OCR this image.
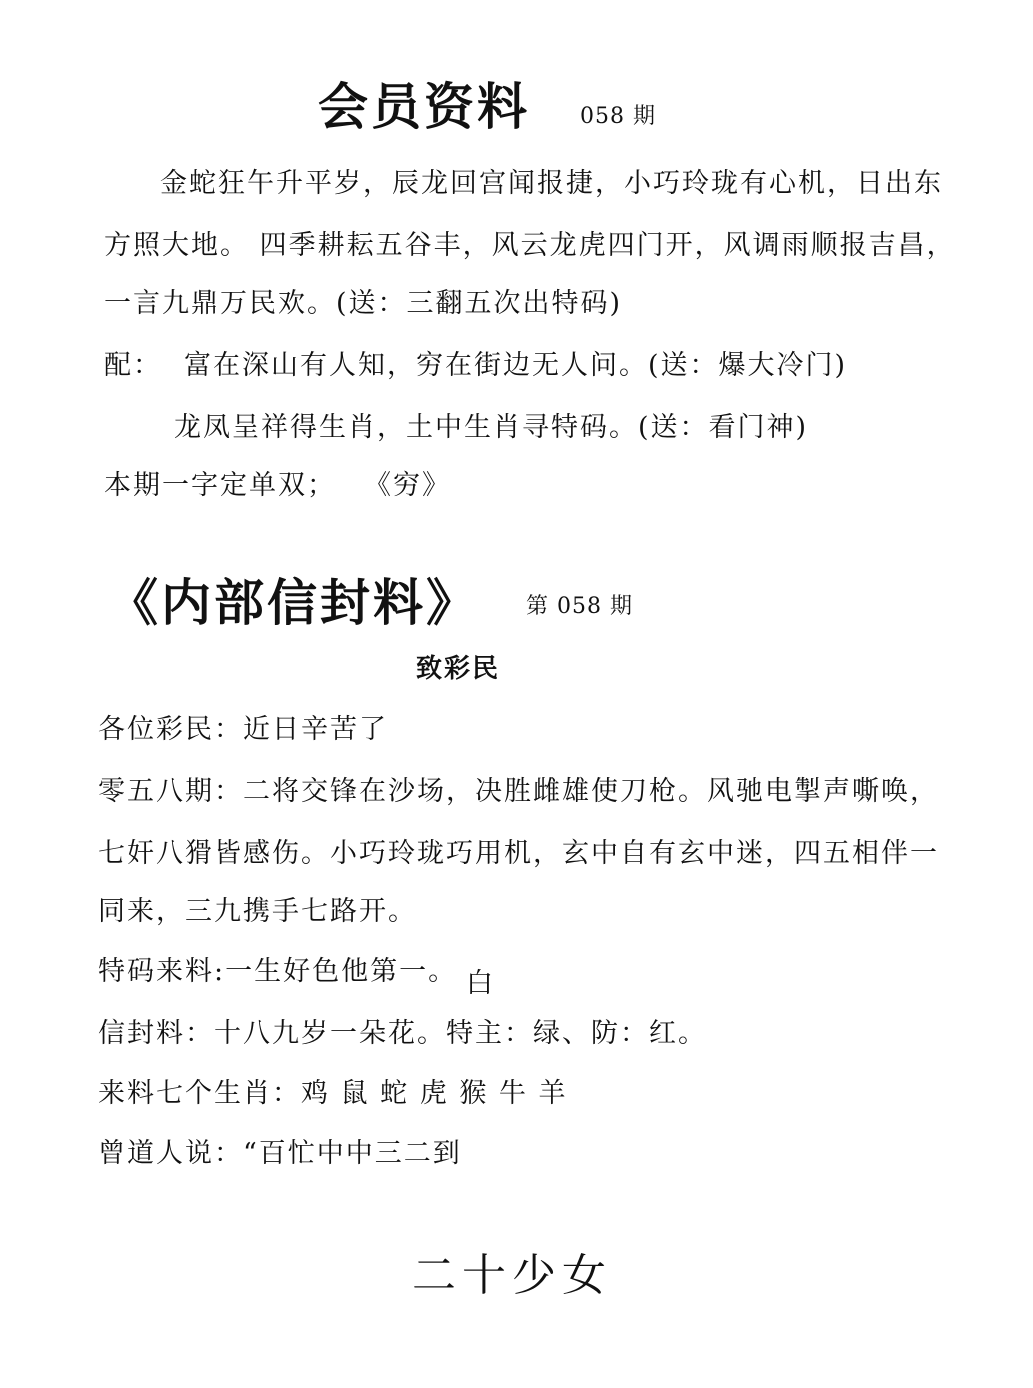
会员资料 058 期
金蛇狂午升平岁，辰龙回宫闻报捷，小巧玲珑有心机，日出东
方照大地。 四季耕耘五谷丰，风云龙虎四门开，风调雨顺报吉昌，
一言九鼎万民欢。(送：三翻五次出特码)
配： 富在深山有人知，穷在街边无人问。(送：爆大冷门)
龙凤呈祥得生肖，土中生肖寻特码。(送：看门神)
本期一字定单双； 《穷》
《内部信封料》 第 058 期
致彩民
各位彩民：近日辛苦了
零五八期：二将交锋在沙场，决胜雌雄使刀枪。风驰电掣声嘶唤，
七奸八猾皆感伤。小巧玲珑巧用机，玄中自有玄中迷，四五相伴一
同来，三九携手七路开。
特码来料:一生好色他第一。 白
信封料：十八九岁一朵花。特主：绿、防：红。
来料七个生肖：鸡 鼠 蛇 虎 猴 牛 羊
曾道人说：“百忙中中三二到
二十少女
